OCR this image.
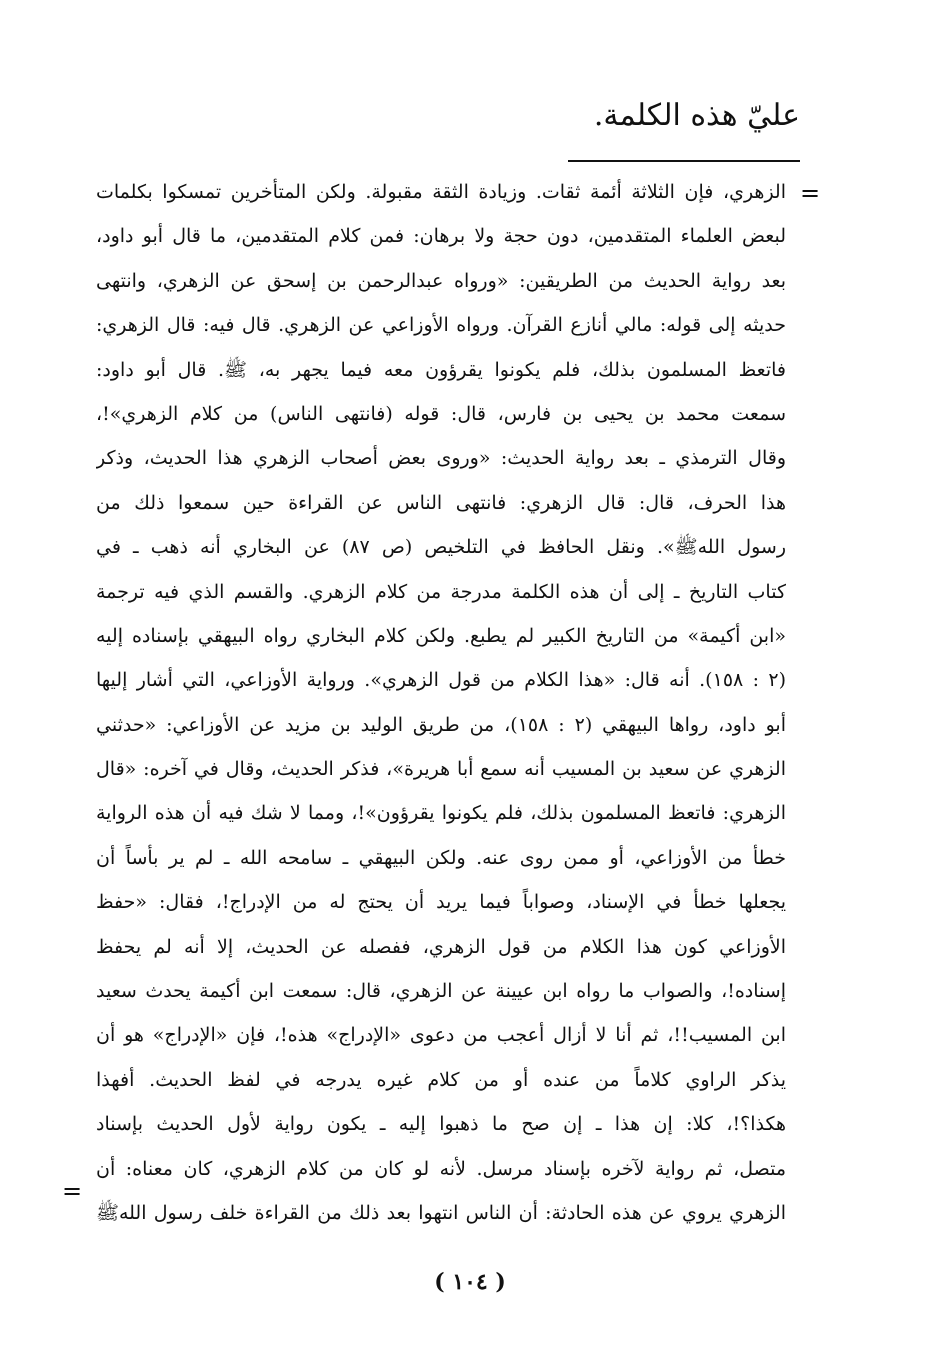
عليّ هذه الكلمة.
=
الزهري، فإن الثلاثة أئمة ثقات. وزيادة الثقة مقبولة. ولكن المتأخرين تمسكوا بكلمات
لبعض العلماء المتقدمين، دون حجة ولا برهان: فمن كلام المتقدمين، ما قال أبو داود،
بعد رواية الحديث من الطريقين: «ورواه عبدالرحمن بن إسحق عن الزهري، وانتهى
حديثه إلى قوله: مالي أنازع القرآن. ورواه الأوزاعي عن الزهري. قال فيه: قال الزهري:
فاتعظ المسلمون بذلك، فلم يكونوا يقرؤون معه فيما يجهر به، ﷺ. قال أبو داود:
سمعت محمد بن يحيى بن فارس، قال: قوله (فانتهى الناس) من كلام الزهري»!،
وقال الترمذي ـ بعد رواية الحديث: «وروى بعض أصحاب الزهري هذا الحديث، وذكر
هذا الحرف، قال: قال الزهري: فانتهى الناس عن القراءة حين سمعوا ذلك من
رسول اللهﷺ». ونقل الحافظ في التلخيص (ص ٨٧) عن البخاري أنه ذهب ـ في
كتاب التاريخ ـ إلى أن هذه الكلمة مدرجة من كلام الزهري. والقسم الذي فيه ترجمة
«ابن أكيمة» من التاريخ الكبير لم يطبع. ولكن كلام البخاري رواه البيهقي بإسناده إليه
(٢ : ١٥٨). أنه قال: «هذا الكلام من قول الزهري». ورواية الأوزاعي، التي أشار إليها
أبو داود، رواها البيهقي (٢ : ١٥٨)، من طريق الوليد بن مزيد عن الأوزاعي: «حدثني
الزهري عن سعيد بن المسيب أنه سمع أبا هريرة»، فذكر الحديث، وقال في آخره: «قال
الزهري: فاتعظ المسلمون بذلك، فلم يكونوا يقرؤون»!، ومما لا شك فيه أن هذه الرواية
خطأ من الأوزاعي، أو ممن روى عنه. ولكن البيهقي ـ سامحه الله ـ لم ير بأساً أن
يجعلها خطأ في الإسناد، وصواباً فيما يريد أن يحتج له من الإدراج!، فقال: «حفظ
الأوزاعي كون هذا الكلام من قول الزهري، ففصله عن الحديث، إلا أنه لم يحفظ
إسناده!، والصواب ما رواه ابن عيينة عن الزهري، قال: سمعت ابن أكيمة يحدث سعيد
ابن المسيب!!، ثم أنا لا أزال أعجب من دعوى «الإدراج» هذه!، فإن «الإدراج» هو أن
يذكر الراوي كلاماً من عنده أو من كلام غيره يدرجه في لفظ الحديث. أفهذا
هكذا؟!، كلا: إن هذا ـ إن صح ما ذهبوا إليه ـ يكون رواية لأول الحديث بإسناد
متصل، ثم رواية لآخره بإسناد مرسل. لأنه لو كان من كلام الزهري، كان معناه: أن
الزهري يروي عن هذه الحادثة: أن الناس انتهوا بعد ذلك من القراءة خلف رسول اللهﷺ
=
( ١٠٤ )
